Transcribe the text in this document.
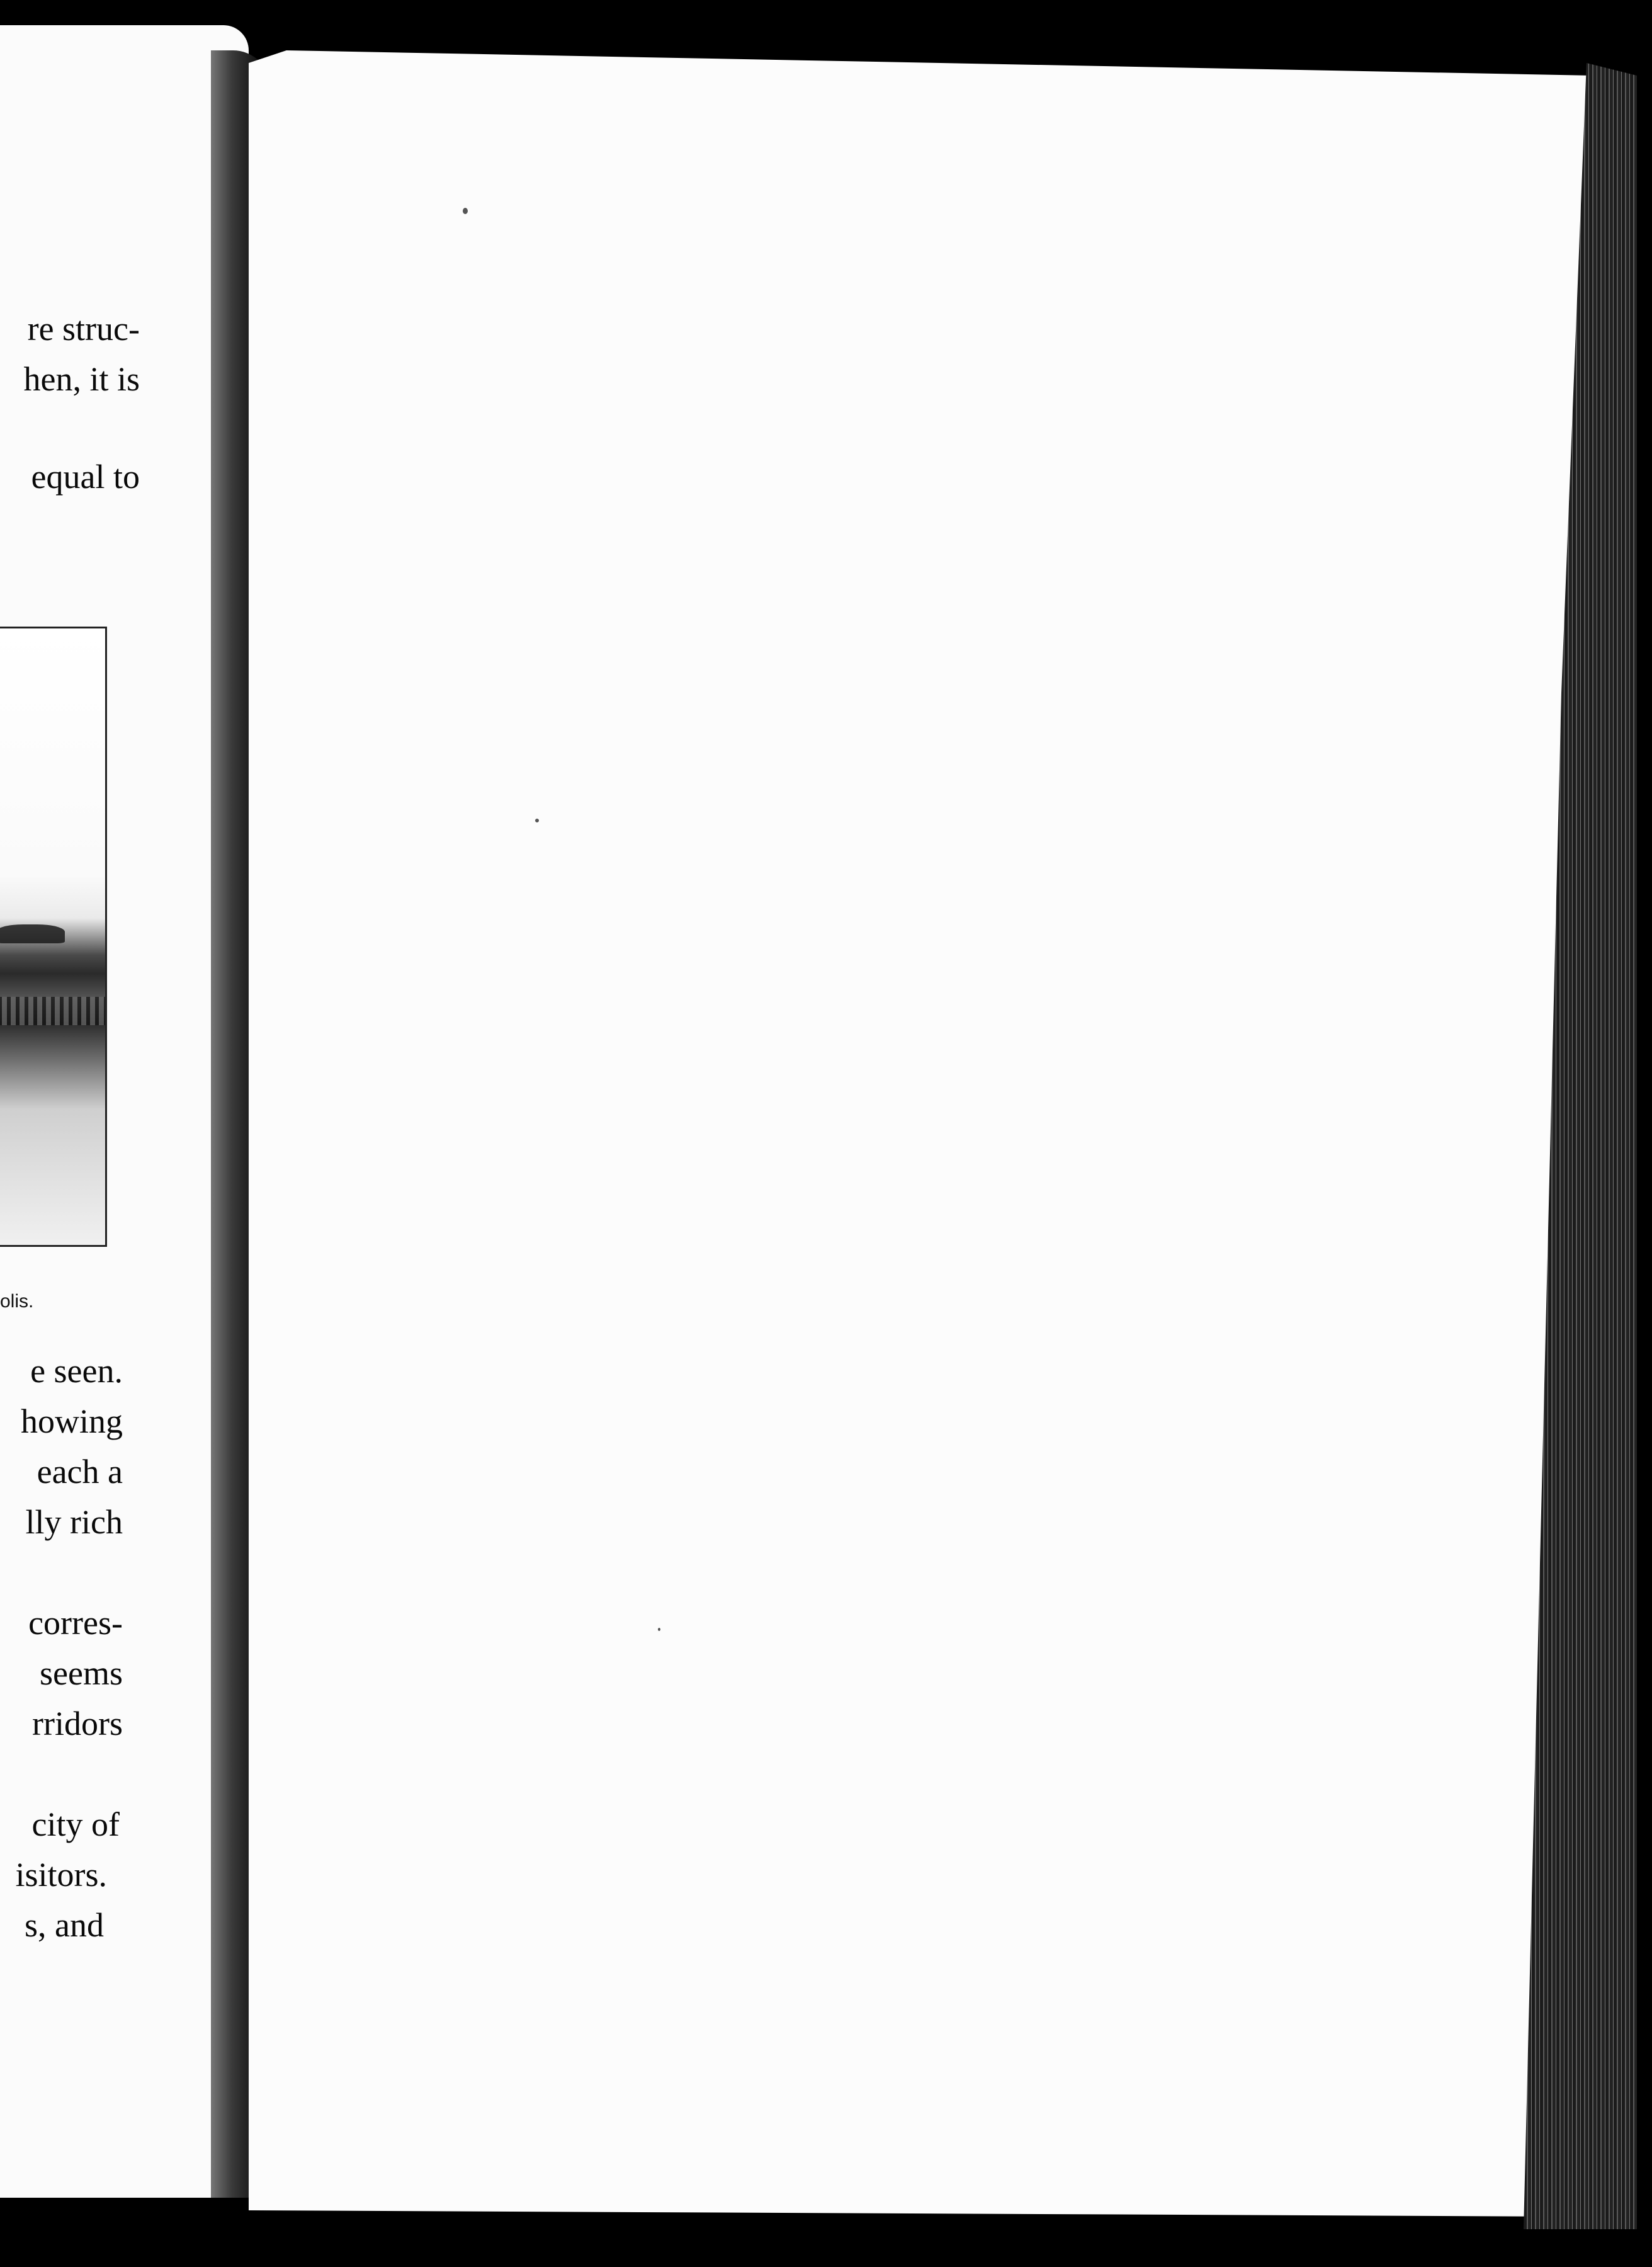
re struc-
hen, it is
equal to
olis.
e seen.
howing
each a
lly rich
corres-
seems
rridors
city of
isitors.
s, and
